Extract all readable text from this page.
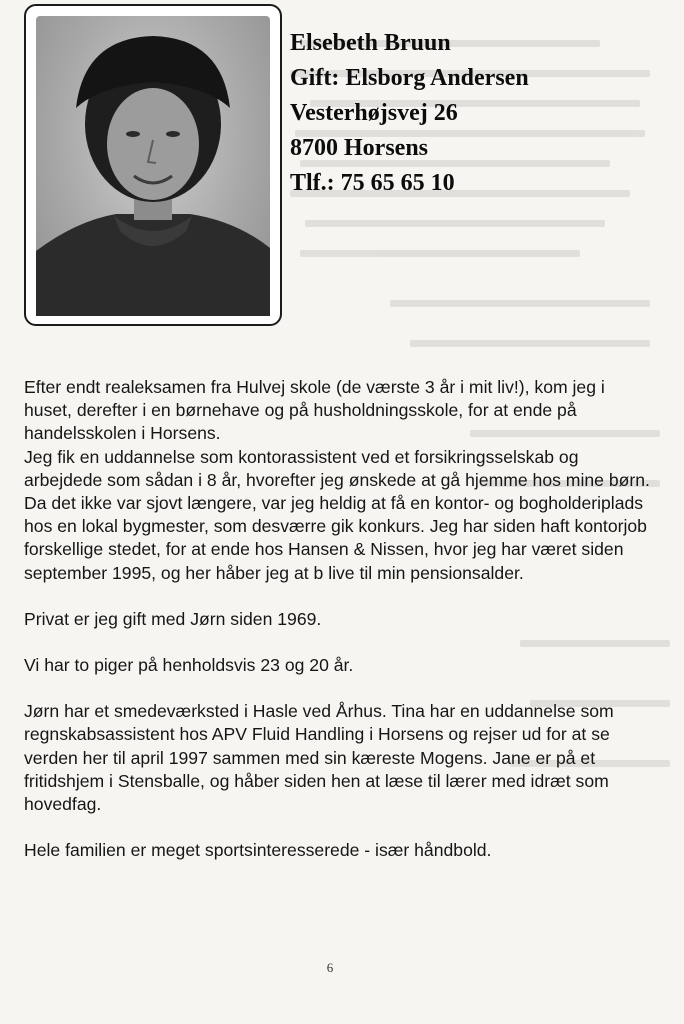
Elsebeth Bruun
Gift: Elsborg Andersen
Vesterhøjsvej 26
8700 Horsens
Tlf.: 75 65 65 10

Efter endt realeksamen fra Hulvej skole (de værste 3 år i mit liv!), kom jeg i huset, derefter i en børnehave og på husholdningsskole, for at ende på handelsskolen i Horsens.

Jeg fik en uddannelse som kontorassistent ved et forsikringsselskab og arbejdede som sådan i 8 år, hvorefter jeg ønskede at gå hjemme hos mine børn.

Da det ikke var sjovt længere, var jeg heldig at få en kontor- og bogholderiplads hos en lokal bygmester, som desværre gik konkurs. Jeg har siden haft kontorjob forskellige stedet, for at ende hos Hansen & Nissen, hvor jeg har været siden september 1995, og her håber jeg at b live til min pensionsalder.

Privat er jeg gift med Jørn siden 1969.

Vi har to piger på henholdsvis 23 og 20 år.

Jørn har et smedeværksted i Hasle ved Århus. Tina har en uddannelse som regnskabsassistent hos APV Fluid Handling i Horsens og rejser ud for at se verden her til april 1997 sammen med sin kæreste Mogens. Jane er på et fritidshjem i Stensballe, og håber siden hen at læse til lærer med idræt som hovedfag.

Hele familien er meget sportsinteresserede - især håndbold.

6
